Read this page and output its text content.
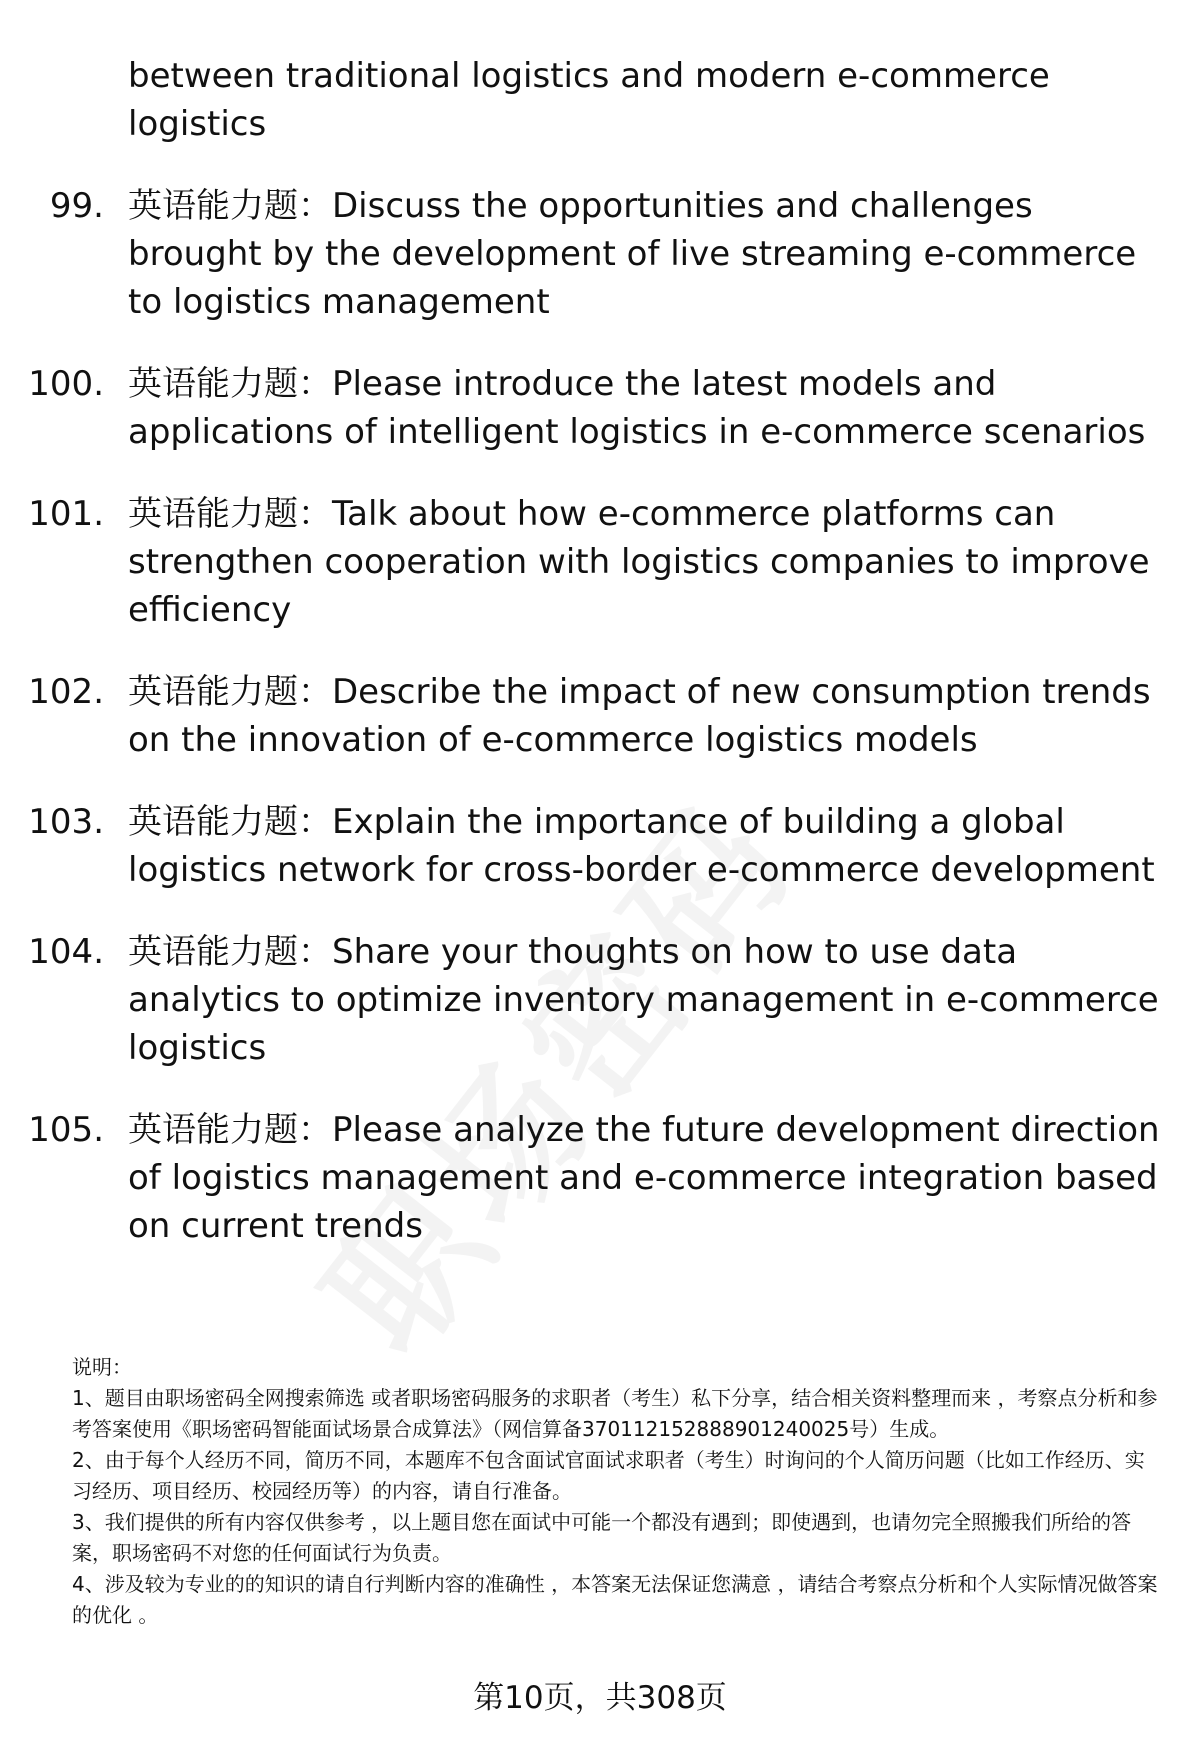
between traditional logistics and modern e-commerce logistics
99. 英语能力题：Discuss the opportunities and challenges brought by the development of live streaming e-commerce to logistics management
100. 英语能力题：Please introduce the latest models and applications of intelligent logistics in e-commerce scenarios
101. 英语能力题：Talk about how e-commerce platforms can strengthen cooperation with logistics companies to improve efficiency
102. 英语能力题：Describe the impact of new consumption trends on the innovation of e-commerce logistics models
103. 英语能力题：Explain the importance of building a global logistics network for cross-border e-commerce development
104. 英语能力题：Share your thoughts on how to use data analytics to optimize inventory management in e-commerce logistics
105. 英语能力题：Please analyze the future development direction of logistics management and e-commerce integration based on current trends

说明：

1、题目由职场密码全网搜索筛选 或者职场密码服务的求职者（考生）私下分享，结合相关资料整理而来 ，考察点分析和参考答案使用《职场密码智能面试场景合成算法》（网信算备370112152888901240025号）生成。

2、由于每个人经历不同，简历不同，本题库不包含面试官面试求职者（考生）时询问的个人简历问题（比如工作经历、实习经历、项目经历、校园经历等）的内容，请自行准备。

3、我们提供的所有内容仅供参考 ，以上题目您在面试中可能一个都没有遇到；即使遇到，也请勿完全照搬我们所给的答案，职场密码不对您的任何面试行为负责。

4、涉及较为专业的的知识的请自行判断内容的准确性 ，本答案无法保证您满意 ，请结合考察点分析和个人实际情况做答案的优化 。

第10页，共308页
